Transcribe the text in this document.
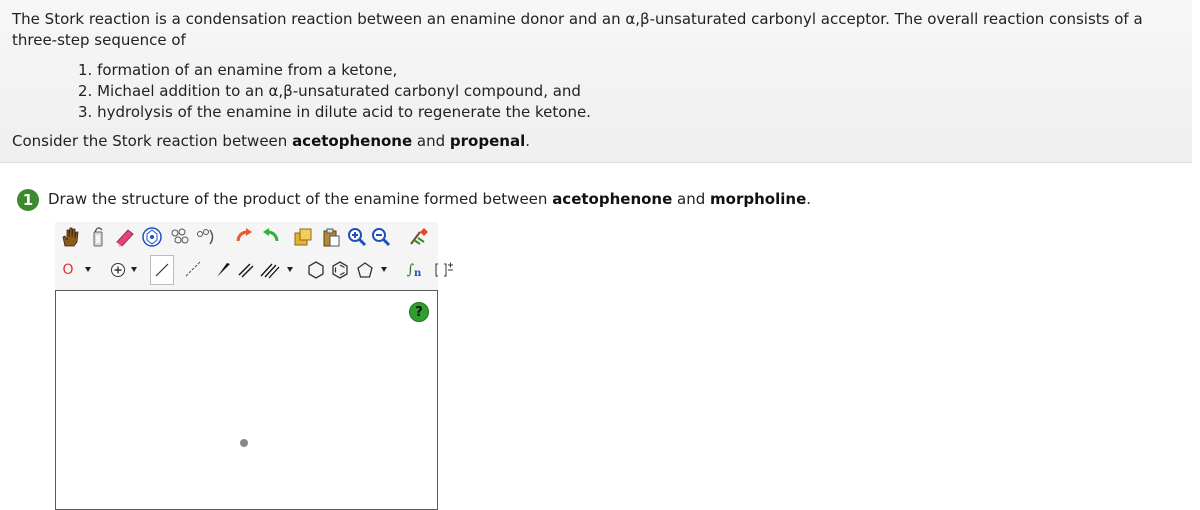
The Stork reaction is a condensation reaction between an enamine donor and an α,β-unsaturated carbonyl acceptor. The overall reaction consists of a three-step sequence of
1. formation of an enamine from a ketone,
2. Michael addition to an α,β-unsaturated carbonyl compound, and
3. hydrolysis of the enamine in dilute acid to regenerate the ketone.
Consider the Stork reaction between acetophenone and propenal.
1 Draw the structure of the product of the enamine formed between acetophenone and morpholine.
O	∫ n
?
